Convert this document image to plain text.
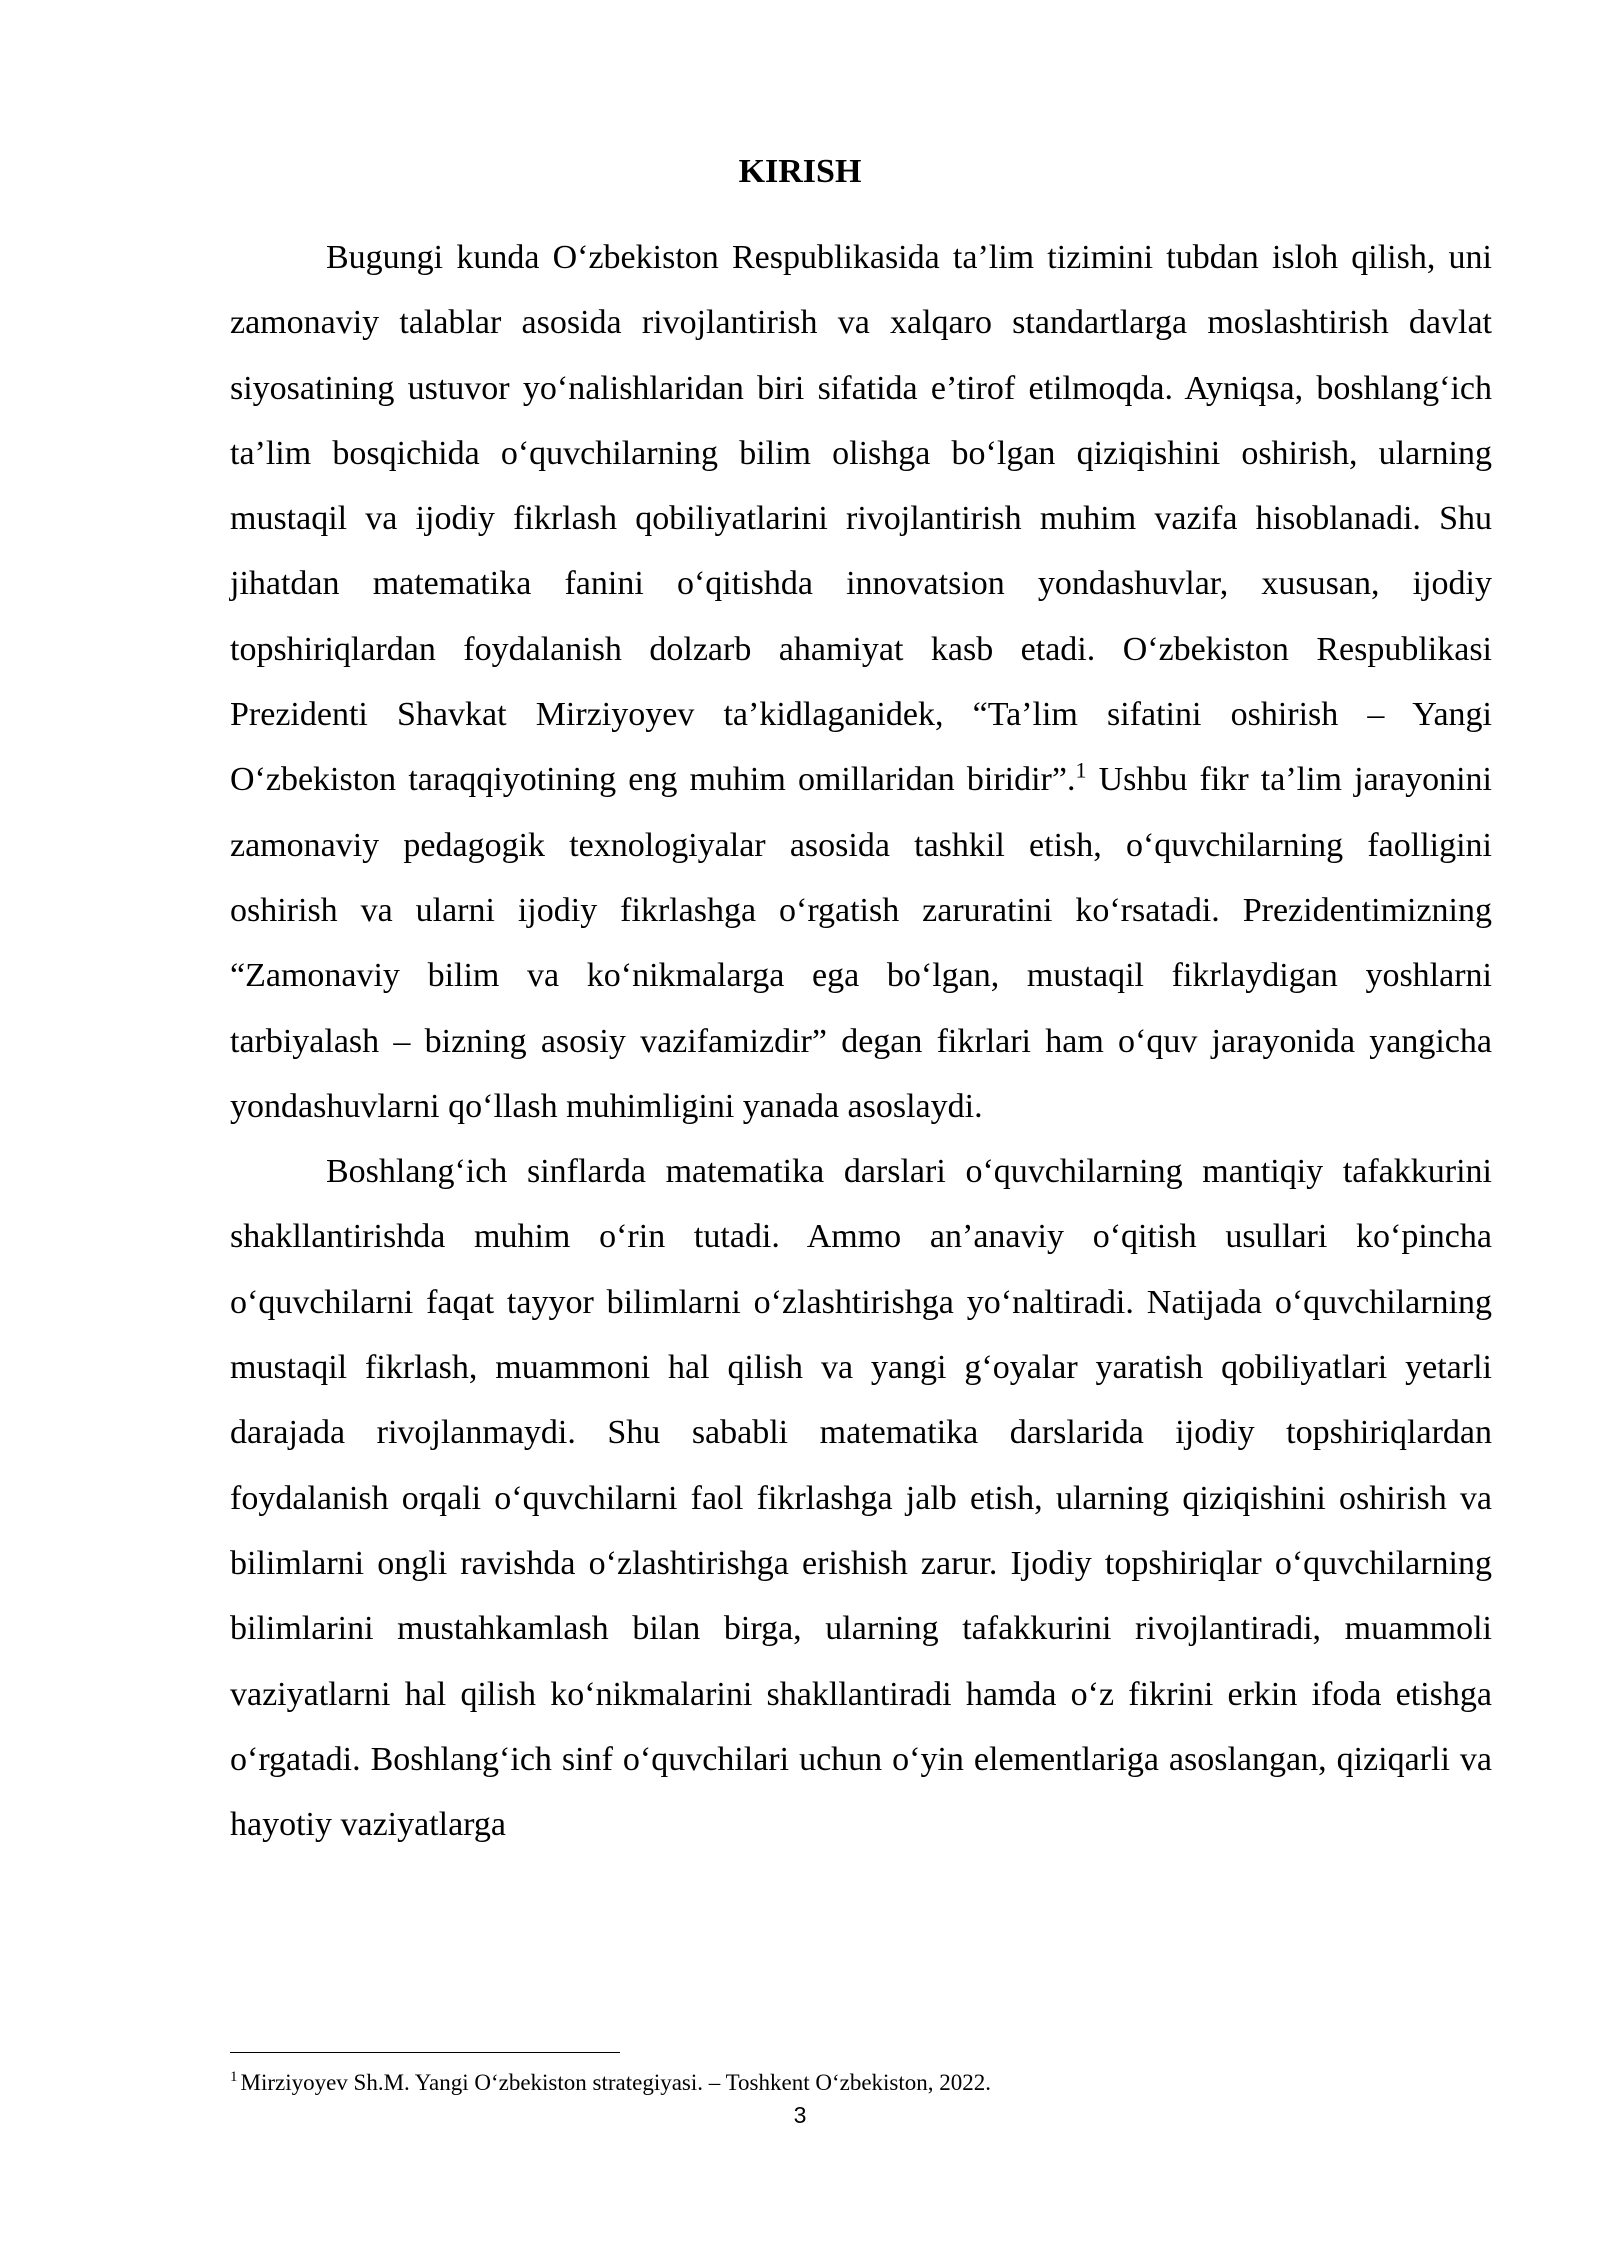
KIRISH

Bugungi kunda O‘zbekiston Respublikasida ta’lim tizimini tubdan isloh qilish, uni zamonaviy talablar asosida rivojlantirish va xalqaro standartlarga moslashtirish davlat siyosatining ustuvor yo‘nalishlaridan biri sifatida e’tirof etilmoqda. Ayniqsa, boshlang‘ich ta’lim bosqichida o‘quvchilarning bilim olishga bo‘lgan qiziqishini oshirish, ularning mustaqil va ijodiy fikrlash qobiliyatlarini rivojlantirish muhim vazifa hisoblanadi. Shu jihatdan matematika fanini o‘qitishda innovatsion yondashuvlar, xususan, ijodiy topshiriqlardan foydalanish dolzarb ahamiyat kasb etadi. O‘zbekiston Respublikasi Prezidenti Shavkat Mirziyoyev ta’kidlaganidek, “Ta’lim sifatini oshirish – Yangi O‘zbekiston taraqqiyotining eng muhim omillaridan biridir”.$^1$ Ushbu fikr ta’lim jarayonini zamonaviy pedagogik texnologiyalar asosida tashkil etish, o‘quvchilarning faolligini oshirish va ularni ijodiy fikrlashga o‘rgatish zaruratini ko‘rsatadi. Prezidentimizning “Zamonaviy bilim va ko‘nikmalarga ega bo‘lgan, mustaqil fikrlaydigan yoshlarni tarbiyalash – bizning asosiy vazifamizdir” degan fikrlari ham o‘quv jarayonida yangicha yondashuvlarni qo‘llash muhimligini yanada asoslaydi.

Boshlang‘ich sinflarda matematika darslari o‘quvchilarning mantiqiy tafakkurini shakllantirishda muhim o‘rin tutadi. Ammo an’anaviy o‘qitish usullari ko‘pincha o‘quvchilarni faqat tayyor bilimlarni o‘zlashtirishga yo‘naltiradi. Natijada o‘quvchilarning mustaqil fikrlash, muammoni hal qilish va yangi g‘oyalar yaratish qobiliyatlari yetarli darajada rivojlanmaydi. Shu sababli matematika darslarida ijodiy topshiriqlardan foydalanish orqali o‘quvchilarni faol fikrlashga jalb etish, ularning qiziqishini oshirish va bilimlarni ongli ravishda o‘zlashtirishga erishish zarur. Ijodiy topshiriqlar o‘quvchilarning bilimlarini mustahkamlash bilan birga, ularning tafakkurini rivojlantiradi, muammoli vaziyatlarni hal qilish ko‘nikmalarini shakllantiradi hamda o‘z fikrini erkin ifoda etishga o‘rgatadi. Boshlang‘ich sinf o‘quvchilari uchun o‘yin elementlariga asoslangan, qiziqarli va hayotiy vaziyatlarga

$^1$ Mirziyoyev Sh.M. Yangi O‘zbekiston strategiyasi. – Toshkent O‘zbekiston, 2022.
3
